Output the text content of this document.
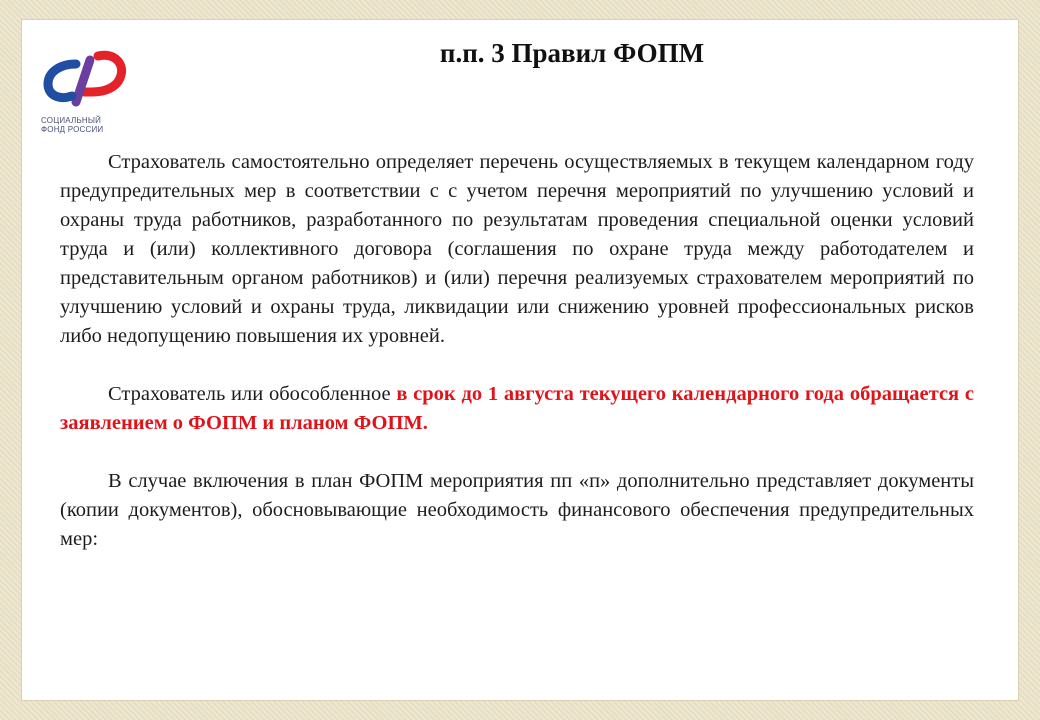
СОЦИАЛЬНЫЙ
ФОНД РОССИИ
п.п. 3 Правил ФОПМ

Страхователь самостоятельно определяет перечень осуществляемых в текущем календарном году предупредительных мер в соответствии с с учетом перечня мероприятий по улучшению условий и охраны труда работников, разработанного по результатам проведения специальной оценки условий труда и (или) коллективного договора (соглашения по охране труда между работодателем и представительным органом работников) и (или) перечня реализуемых страхователем мероприятий по улучшению условий и охраны труда, ликвидации или снижению уровней профессиональных рисков либо недопущению повышения их уровней.

Страхователь или обособленное в срок до 1 августа текущего календарного года обращается с заявлением о ФОПМ и планом ФОПМ.

В случае включения в план ФОПМ мероприятия пп «п» дополнительно представляет документы (копии документов), обосновывающие необходимость финансового обеспечения предупредительных мер:
